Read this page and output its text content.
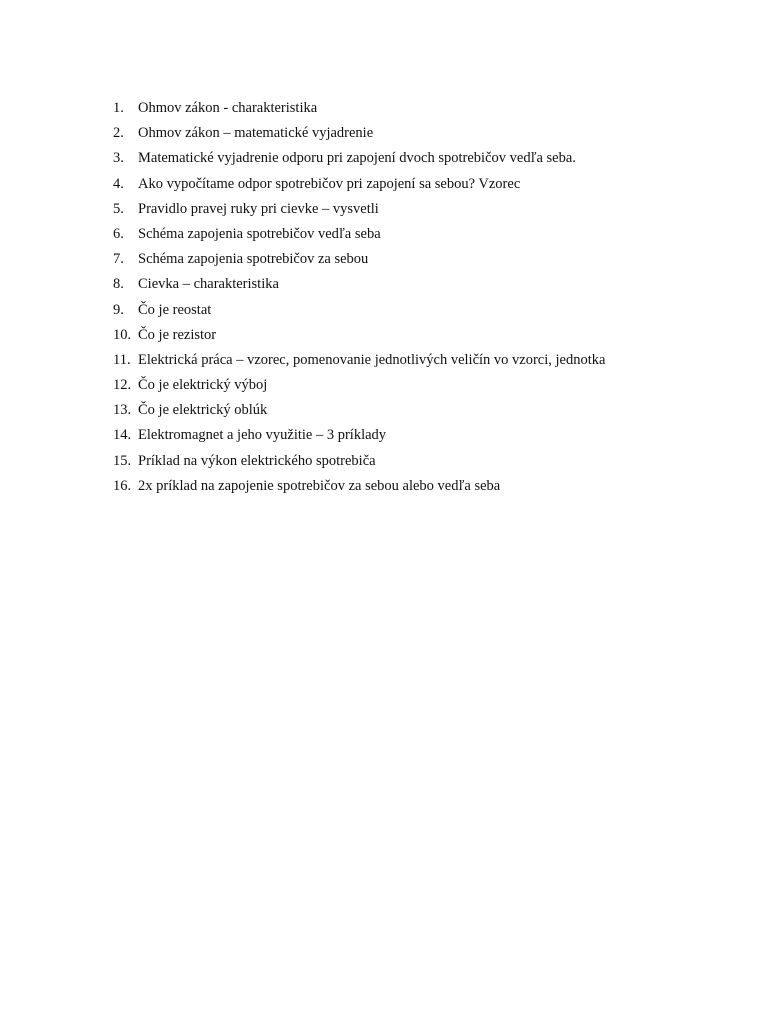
1. Ohmov zákon - charakteristika
2. Ohmov zákon – matematické vyjadrenie
3. Matematické vyjadrenie odporu pri zapojení dvoch spotrebičov vedľa seba.
4. Ako vypočítame odpor spotrebičov pri zapojení sa sebou? Vzorec
5. Pravidlo pravej ruky pri cievke – vysvetli
6. Schéma zapojenia spotrebičov vedľa seba
7. Schéma zapojenia spotrebičov za sebou
8. Cievka – charakteristika
9. Čo je reostat
10. Čo je rezistor
11. Elektrická práca – vzorec, pomenovanie jednotlivých veličín vo vzorci, jednotka
12. Čo je elektrický výboj
13. Čo je elektrický oblúk
14. Elektromagnet a jeho využitie – 3 príklady
15. Príklad na výkon elektrického spotrebiča
16. 2x príklad na zapojenie spotrebičov za sebou alebo vedľa seba
